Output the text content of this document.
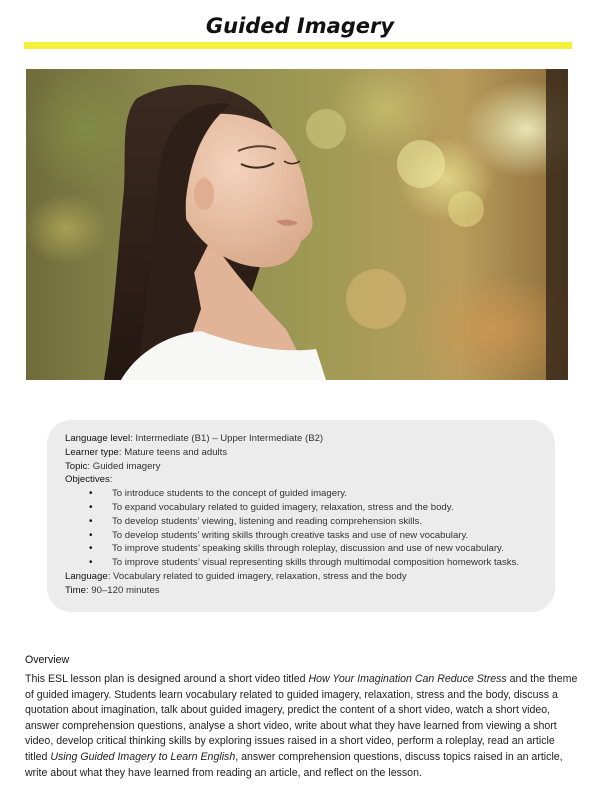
Guided Imagery
Language level: Intermediate (B1) – Upper Intermediate (B2)
Learner type: Mature teens and adults
Topic: Guided imagery
Objectives:
• To introduce students to the concept of guided imagery.
• To expand vocabulary related to guided imagery, relaxation, stress and the body.
• To develop students’ viewing, listening and reading comprehension skills.
• To develop students’ writing skills through creative tasks and use of new vocabulary.
• To improve students’ speaking skills through roleplay, discussion and use of new vocabulary.
• To improve students’ visual representing skills through multimodal composition homework tasks.
Language: Vocabulary related to guided imagery, relaxation, stress and the body
Time: 90–120 minutes
Overview

This ESL lesson plan is designed around a short video titled How Your Imagination Can Reduce Stress and the theme of guided imagery. Students learn vocabulary related to guided imagery, relaxation, stress and the body, discuss a quotation about imagination, talk about guided imagery, predict the content of a short video, watch a short video, answer comprehension questions, analyse a short video, write about what they have learned from viewing a short video, develop critical thinking skills by exploring issues raised in a short video, perform a roleplay, read an article titled Using Guided Imagery to Learn English, answer comprehension questions, discuss topics raised in an article, write about what they have learned from reading an article, and reflect on the lesson.
